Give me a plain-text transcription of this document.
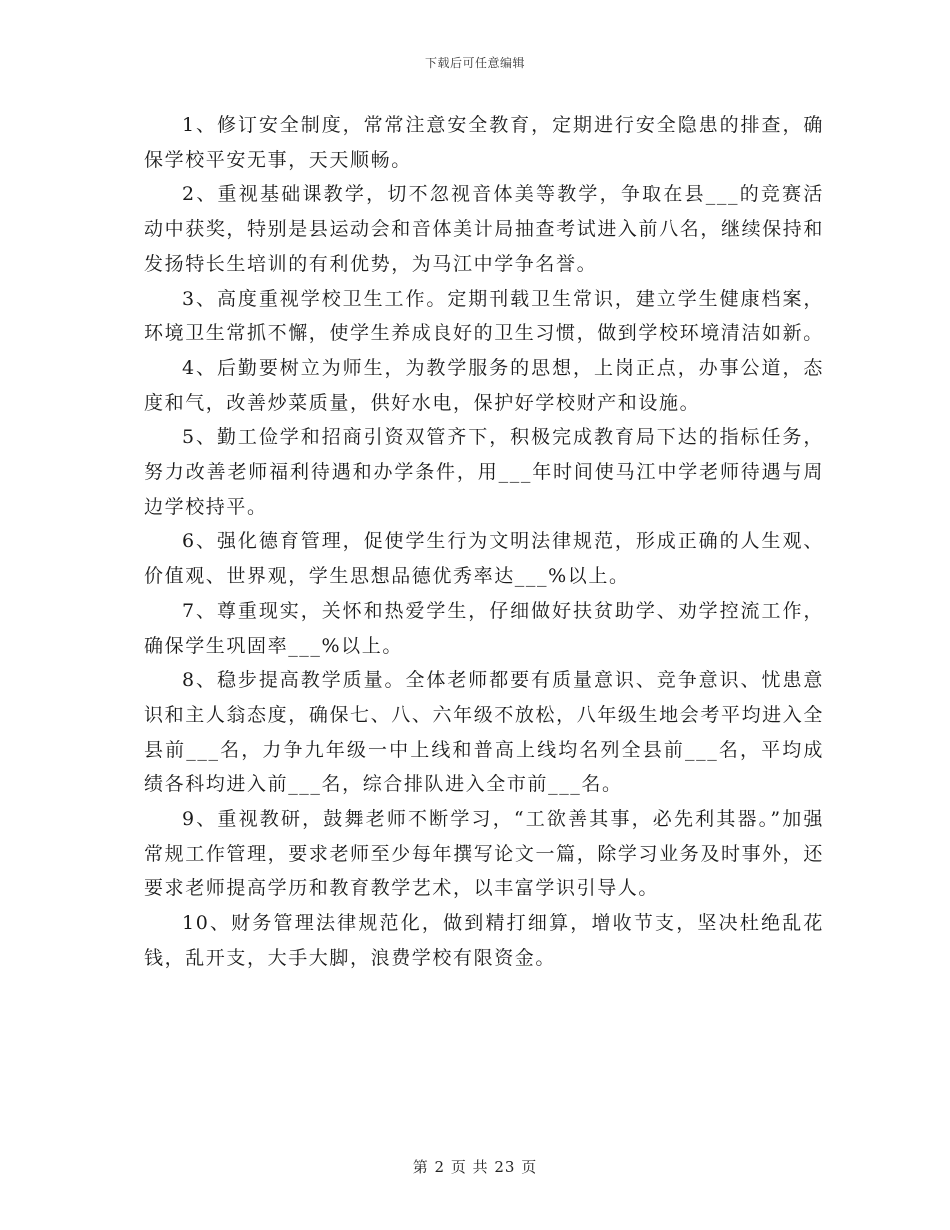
下载后可任意编辑

1、修订安全制度，常常注意安全教育，定期进行安全隐患的排查，确保学校平安无事，天天顺畅。

2、重视基础课教学，切不忽视音体美等教学，争取在县___的竞赛活动中获奖，特别是县运动会和音体美计局抽查考试进入前八名，继续保持和发扬特长生培训的有利优势，为马江中学争名誉。

3、高度重视学校卫生工作。定期刊载卫生常识，建立学生健康档案，环境卫生常抓不懈，使学生养成良好的卫生习惯，做到学校环境清洁如新。

4、后勤要树立为师生，为教学服务的思想，上岗正点，办事公道，态度和气，改善炒菜质量，供好水电，保护好学校财产和设施。

5、勤工俭学和招商引资双管齐下，积极完成教育局下达的指标任务，努力改善老师福利待遇和办学条件，用___年时间使马江中学老师待遇与周边学校持平。

6、强化德育管理，促使学生行为文明法律规范，形成正确的人生观、价值观、世界观，学生思想品德优秀率达___%以上。

7、尊重现实，关怀和热爱学生，仔细做好扶贫助学、劝学控流工作，确保学生巩固率___%以上。

8、稳步提高教学质量。全体老师都要有质量意识、竞争意识、忧患意识和主人翁态度，确保七、八、六年级不放松，八年级生地会考平均进入全县前___名，力争九年级一中上线和普高上线均名列全县前___名，平均成绩各科均进入前___名，综合排队进入全市前___名。

9、重视教研，鼓舞老师不断学习，“工欲善其事，必先利其器。”加强常规工作管理，要求老师至少每年撰写论文一篇，除学习业务及时事外，还要求老师提高学历和教育教学艺术，以丰富学识引导人。

10、财务管理法律规范化，做到精打细算，增收节支，坚决杜绝乱花钱，乱开支，大手大脚，浪费学校有限资金。

第 2 页 共 23 页
